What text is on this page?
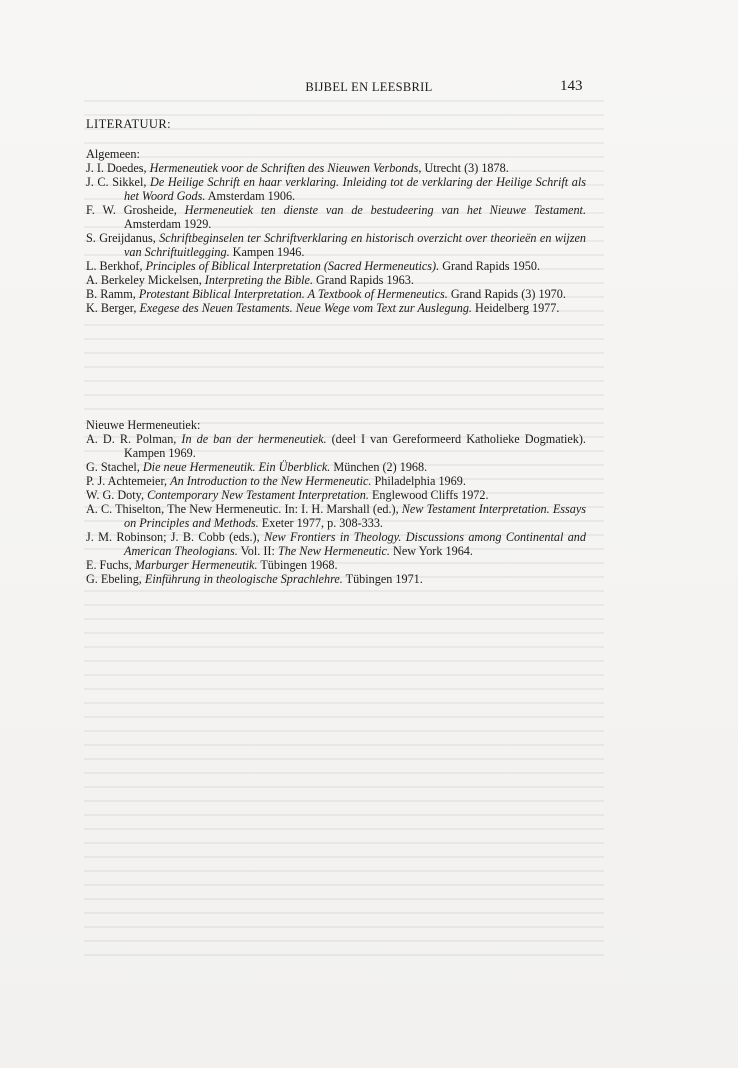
BIJBEL EN LEESBRIL	143
LITERATUUR:
Algemeen:
J. I. Doedes, Hermeneutiek voor de Schriften des Nieuwen Verbonds, Utrecht (3) 1878.
J. C. Sikkel, De Heilige Schrift en haar verklaring. Inleiding tot de verklaring der Heilige Schrift als het Woord Gods. Amsterdam 1906.
F. W. Grosheide, Hermeneutiek ten dienste van de bestudeering van het Nieuwe Testament. Amsterdam 1929.
S. Greijdanus, Schriftbeginselen ter Schriftverklaring en historisch overzicht over theorieën en wijzen van Schriftuitlegging. Kampen 1946.
L. Berkhof, Principles of Biblical Interpretation (Sacred Hermeneutics). Grand Rapids 1950.
A. Berkeley Mickelsen, Interpreting the Bible. Grand Rapids 1963.
B. Ramm, Protestant Biblical Interpretation. A Textbook of Hermeneutics. Grand Rapids (3) 1970.
K. Berger, Exegese des Neuen Testaments. Neue Wege vom Text zur Auslegung. Heidelberg 1977.
Nieuwe Hermeneutiek:
A. D. R. Polman, In de ban der hermeneutiek. (deel I van Gereformeerd Katholieke Dogmatiek). Kampen 1969.
G. Stachel, Die neue Hermeneutik. Ein Überblick. München (2) 1968.
P. J. Achtemeier, An Introduction to the New Hermeneutic. Philadelphia 1969.
W. G. Doty, Contemporary New Testament Interpretation. Englewood Cliffs 1972.
A. C. Thiselton, The New Hermeneutic. In: I. H. Marshall (ed.), New Testament Interpretation. Essays on Principles and Methods. Exeter 1977, p. 308-333.
J. M. Robinson; J. B. Cobb (eds.), New Frontiers in Theology. Discussions among Continental and American Theologians. Vol. II: The New Hermeneutic. New York 1964.
E. Fuchs, Marburger Hermeneutik. Tübingen 1968.
G. Ebeling, Einführung in theologische Sprachlehre. Tübingen 1971.
